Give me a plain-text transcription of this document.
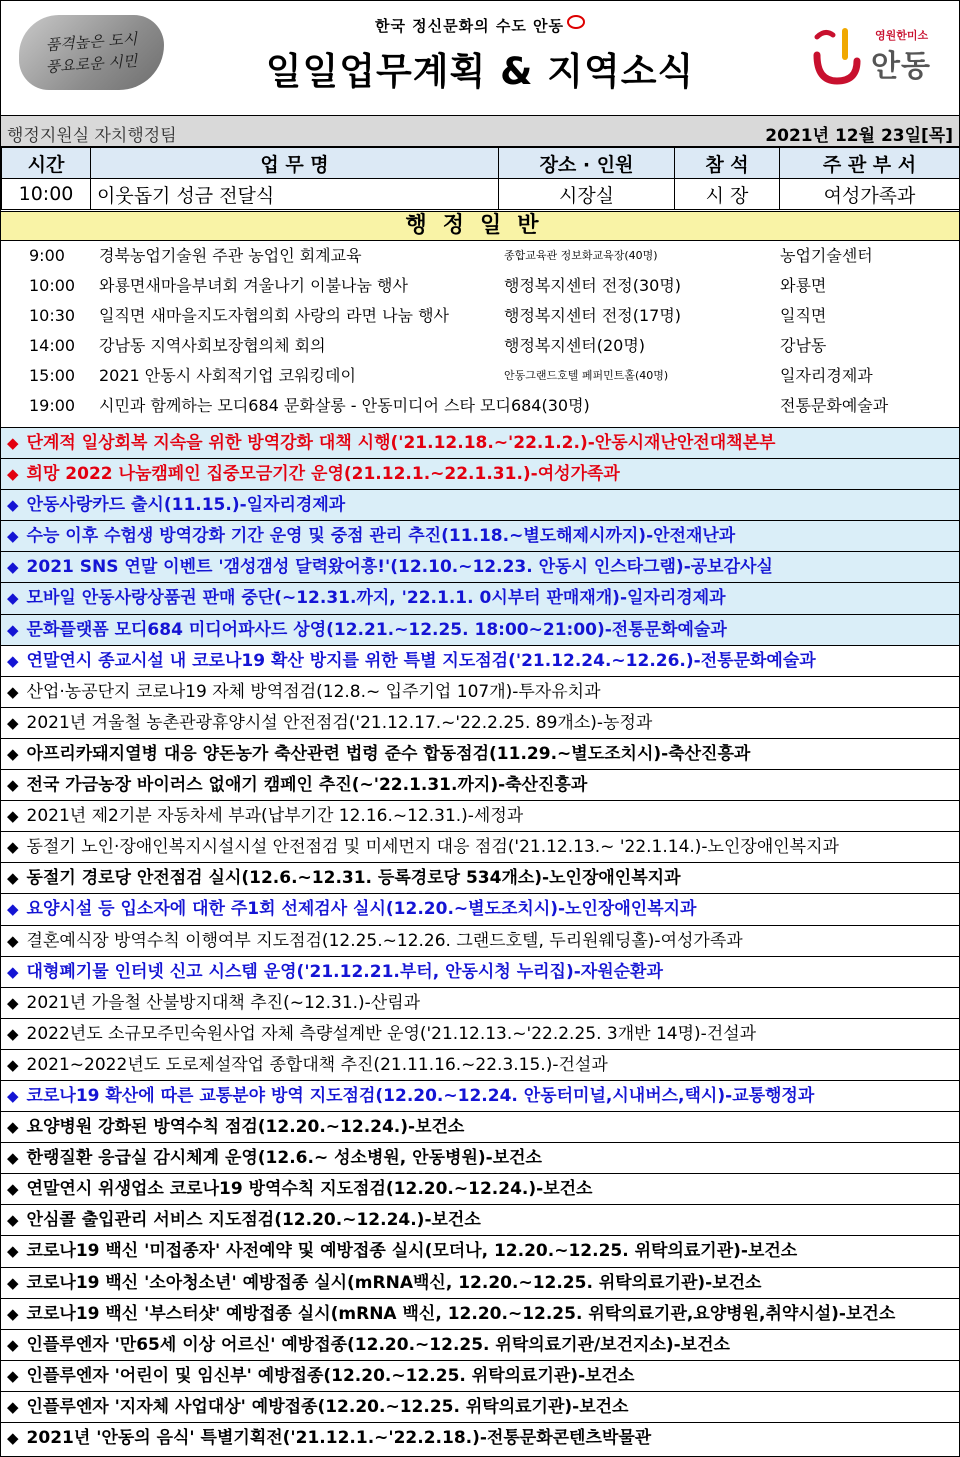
품격높은 도시
풍요로운 시민
한국 정신문화의 수도 안동
일일업무계획 & 지역소식
영원한미소
안동
행정지원실 자치행정팀	2021년 12월 23일[목]
시간	업 무 명	장소 · 인원	참 석	주 관 부 서
10:00	이웃돕기 성금 전달식	시장실	시 장	여성가족과
행정일반
9:00	경북농업기술원 주관 농업인 회계교육	종합교육관 정보화교육장(40명)	농업기술센터
10:00	와룡면새마을부녀회 겨울나기 이불나눔 행사	행정복지센터 전정(30명)	와룡면
10:30	일직면 새마을지도자협의회 사랑의 라면 나눔 행사	행정복지센터 전정(17명)	일직면
14:00	강남동 지역사회보장협의체 회의	행정복지센터(20명)	강남동
15:00	2021 안동시 사회적기업 코워킹데이	안동그랜드호텔 페퍼민트홀(40명)	일자리경제과
19:00	시민과 함께하는 모디684 문화살롱 - 안동미디어 스타 모디684(30명)	전통문화예술과
◆ 단계적 일상회복 지속을 위한 방역강화 대책 시행('21.12.18.~'22.1.2.)-안동시재난안전대책본부
◆ 희망 2022 나눔캠페인 집중모금기간 운영(21.12.1.~22.1.31.)-여성가족과
◆ 안동사랑카드 출시(11.15.)-일자리경제과
◆ 수능 이후 수험생 방역강화 기간 운영 및 중점 관리 추진(11.18.~별도해제시까지)-안전재난과
◆ 2021 SNS 연말 이벤트 '갬성갬성 달력왔어흥!'(12.10.~12.23. 안동시 인스타그램)-공보감사실
◆ 모바일 안동사랑상품권 판매 중단(~12.31.까지, '22.1.1. 0시부터 판매재개)-일자리경제과
◆ 문화플랫폼 모디684 미디어파사드 상영(12.21.~12.25. 18:00~21:00)-전통문화예술과
◆ 연말연시 종교시설 내 코로나19 확산 방지를 위한 특별 지도점검('21.12.24.~12.26.)-전통문화예술과
◆ 산업·농공단지 코로나19 자체 방역점검(12.8.~ 입주기업 107개)-투자유치과
◆ 2021년 겨울철 농촌관광휴양시설 안전점검('21.12.17.~'22.2.25. 89개소)-농정과
◆ 아프리카돼지열병 대응 양돈농가 축산관련 법령 준수 합동점검(11.29.~별도조치시)-축산진흥과
◆ 전국 가금농장 바이러스 없애기 캠페인 추진(~'22.1.31.까지)-축산진흥과
◆ 2021년 제2기분 자동차세 부과(납부기간 12.16.~12.31.)-세정과
◆ 동절기 노인·장애인복지시설시설 안전점검 및 미세먼지 대응 점검('21.12.13.~ '22.1.14.)-노인장애인복지과
◆ 동절기 경로당 안전점검 실시(12.6.~12.31. 등록경로당 534개소)-노인장애인복지과
◆ 요양시설 등 입소자에 대한 주1회 선제검사 실시(12.20.~별도조치시)-노인장애인복지과
◆ 결혼예식장 방역수칙 이행여부 지도점검(12.25.~12.26. 그랜드호텔, 두리원웨딩홀)-여성가족과
◆ 대형폐기물 인터넷 신고 시스템 운영('21.12.21.부터, 안동시청 누리집)-자원순환과
◆ 2021년 가을철 산불방지대책 추진(~12.31.)-산림과
◆ 2022년도 소규모주민숙원사업 자체 측량설계반 운영('21.12.13.~'22.2.25. 3개반 14명)-건설과
◆ 2021~2022년도 도로제설작업 종합대책 추진(21.11.16.~22.3.15.)-건설과
◆ 코로나19 확산에 따른 교통분야 방역 지도점검(12.20.~12.24. 안동터미널,시내버스,택시)-교통행정과
◆ 요양병원 강화된 방역수칙 점검(12.20.~12.24.)-보건소
◆ 한랭질환 응급실 감시체계 운영(12.6.~ 성소병원, 안동병원)-보건소
◆ 연말연시 위생업소 코로나19 방역수칙 지도점검(12.20.~12.24.)-보건소
◆ 안심콜 출입관리 서비스 지도점검(12.20.~12.24.)-보건소
◆ 코로나19 백신 '미접종자' 사전예약 및 예방접종 실시(모더나, 12.20.~12.25. 위탁의료기관)-보건소
◆ 코로나19 백신 '소아청소년' 예방접종 실시(mRNA백신, 12.20.~12.25. 위탁의료기관)-보건소
◆ 코로나19 백신 '부스터샷' 예방접종 실시(mRNA 백신, 12.20.~12.25. 위탁의료기관,요양병원,취약시설)-보건소
◆ 인플루엔자 '만65세 이상 어르신' 예방접종(12.20.~12.25. 위탁의료기관/보건지소)-보건소
◆ 인플루엔자 '어린이 및 임신부' 예방접종(12.20.~12.25. 위탁의료기관)-보건소
◆ 인플루엔자 '지자체 사업대상' 예방접종(12.20.~12.25. 위탁의료기관)-보건소
◆ 2021년 '안동의 음식' 특별기획전('21.12.1.~'22.2.18.)-전통문화콘텐츠박물관
